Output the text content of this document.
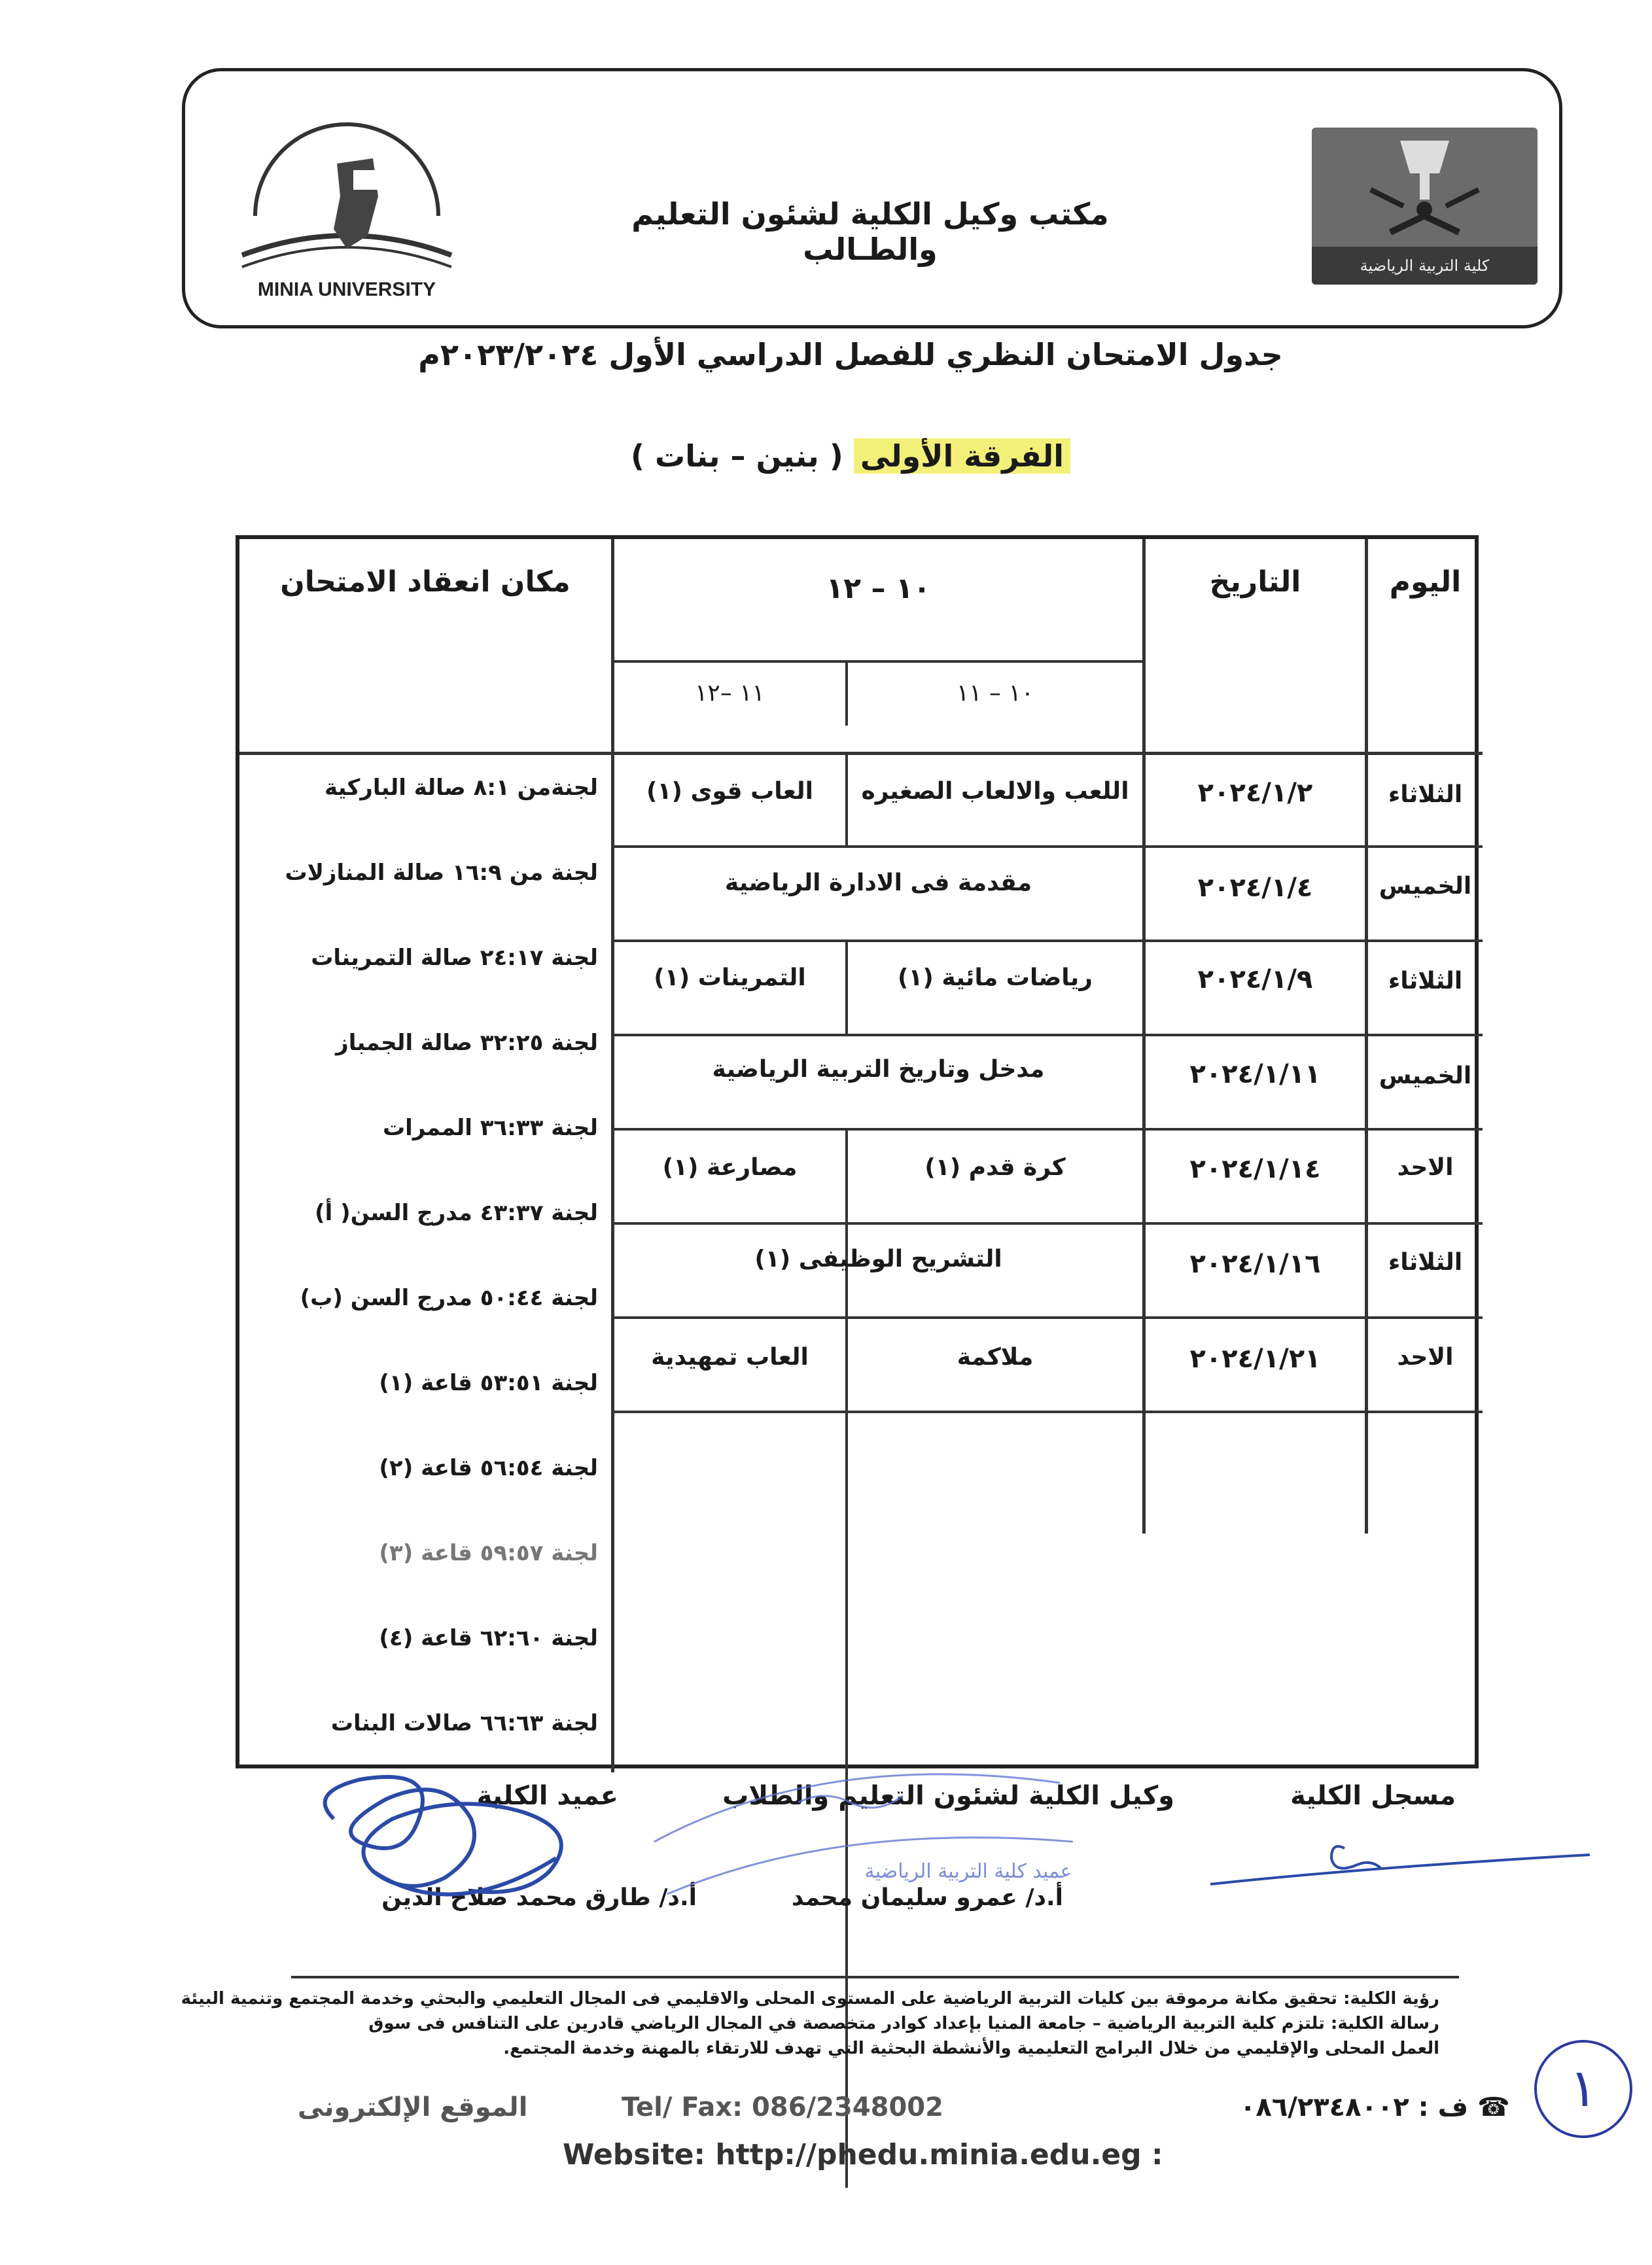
MINIA UNIVERSITY
كلية التربية الرياضية
مكتب وكيل الكلية لشئون التعليم والطـالب
جدول الامتحان النظري للفصل الدراسي الأول ٢٠٢٣/٢٠٢٤م
الفرقة الأولى ( بنين – بنات )
اليوم
التاريخ
١٠ – ١٢
١٠ – ١١
١١ –١٢
مكان انعقاد الامتحان
الثلاثاء
٢٠٢٤/١/٢
اللعب والالعاب الصغيره
العاب قوى (١)
الخميس
٢٠٢٤/١/٤
مقدمة فى الادارة الرياضية
الثلاثاء
٢٠٢٤/١/٩
رياضات مائية (١)
التمرينات (١)
الخميس
٢٠٢٤/١/١١
مدخل وتاريخ التربية الرياضية
الاحد
٢٠٢٤/١/١٤
كرة قدم (١)
مصارعة (١)
الثلاثاء
٢٠٢٤/١/١٦
التشريح الوظيفى (١)
الاحد
٢٠٢٤/١/٢١
ملاكمة
العاب تمهيدية
لجنةمن ٨:١ صالة الباركية
لجنة من ١٦:٩ صالة المنازلات
لجنة ٢٤:١٧ صالة التمرينات
لجنة ٣٢:٢٥ صالة الجمباز
لجنة ٣٦:٣٣ الممرات
لجنة ٤٣:٣٧ مدرج السن( أ)
لجنة ٥٠:٤٤ مدرج السن (ب)
لجنة ٥٣:٥١ قاعة (١)
لجنة ٥٦:٥٤ قاعة (٢)
لجنة ٥٩:٥٧ قاعة (٣)
لجنة ٦٢:٦٠ قاعة (٤)
لجنة ٦٦:٦٣ صالات البنات
مسجل الكلية
وكيل الكلية لشئون التعليم والطلاب
عميد الكلية
أ.د/ عمرو سليمان محمد
أ.د/ طارق محمد صلاح الدين
عميد كلية التربية الرياضية
رؤية الكلية: تحقيق مكانة مرموقة بين كليات التربية الرياضية على المستوى المحلى والاقليمي فى المجال التعليمي والبحثي وخدمة المجتمع وتنمية البيئة
رسالة الكلية: تلتزم كلية التربية الرياضية – جامعة المنيا بإعداد كوادر متخصصة في المجال الرياضي قادرين على التنافس فى سوق
العمل المحلى والإقليمي من خلال البرامج التعليمية والأنشطة البحثية التي تهدف للارتقاء بالمهنة وخدمة المجتمع.
☎ ف : ٠٨٦/٢٣٤٨٠٠٢
Tel/ Fax: 086/2348002
الموقع الإلكترونى
Website: http://phedu.minia.edu.eg :
١
